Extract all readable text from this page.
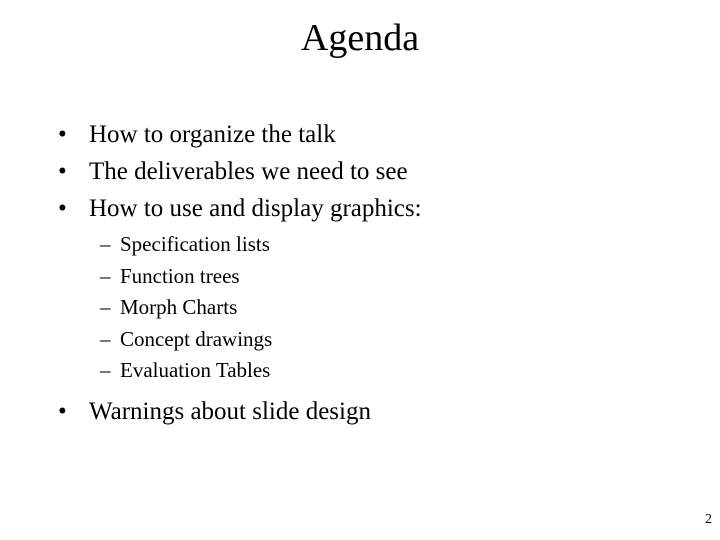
Agenda
• How to organize the talk
• The deliverables we need to see
• How to use and display graphics:
– Specification lists
– Function trees
– Morph Charts
– Concept drawings
– Evaluation Tables
• Warnings about slide design
2
